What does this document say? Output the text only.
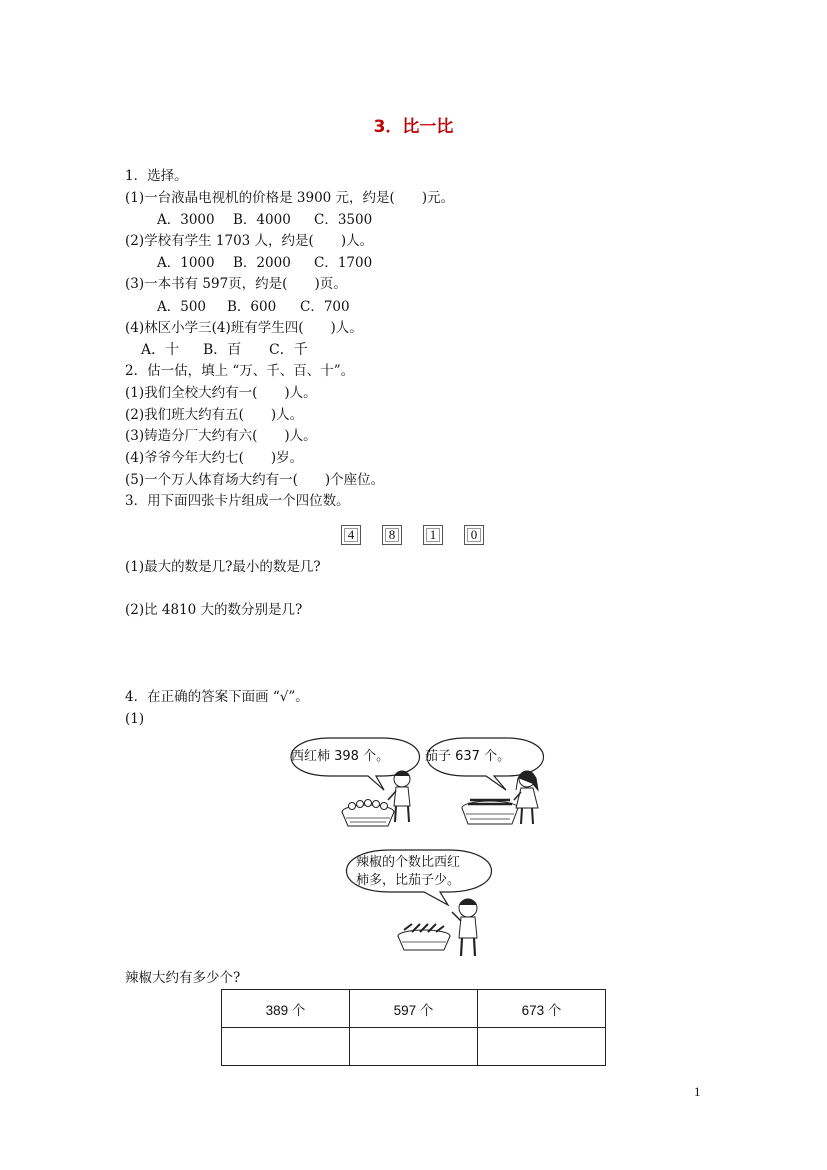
3．比一比
1．选择。
(1)一台液晶电视机的价格是 3900 元，约是(　　)元。
A．3000 B．4000 C．3500
(2)学校有学生 1703 人，约是(　　)人。
A．1000 B．2000 C．1700
(3)一本书有 597页，约是(　　)页。
A．500 B．600 C．700
(4)林区小学三(4)班有学生四(　　)人。
A．十 B．百 C．千
2．估一估，填上 “万、千、百、十”。
(1)我们全校大约有一(　　)人。
(2)我们班大约有五(　　)人。
(3)铸造分厂大约有六(　　)人。
(4)爷爷今年大约七(　　)岁。
(5)一个万人体育场大约有一(　　)个座位。
3．用下面四张卡片组成一个四位数。
4	8	1	0
(1)最大的数是几?最小的数是几?
(2)比 4810 大的数分别是几?
4．在正确的答案下面画 “√”。
(1)
西红柿 398 个。	茄子 637 个。
辣椒的个数比西红
柿多，比茄子少。
辣椒大约有多少个?
389 个	597 个	673 个

1
